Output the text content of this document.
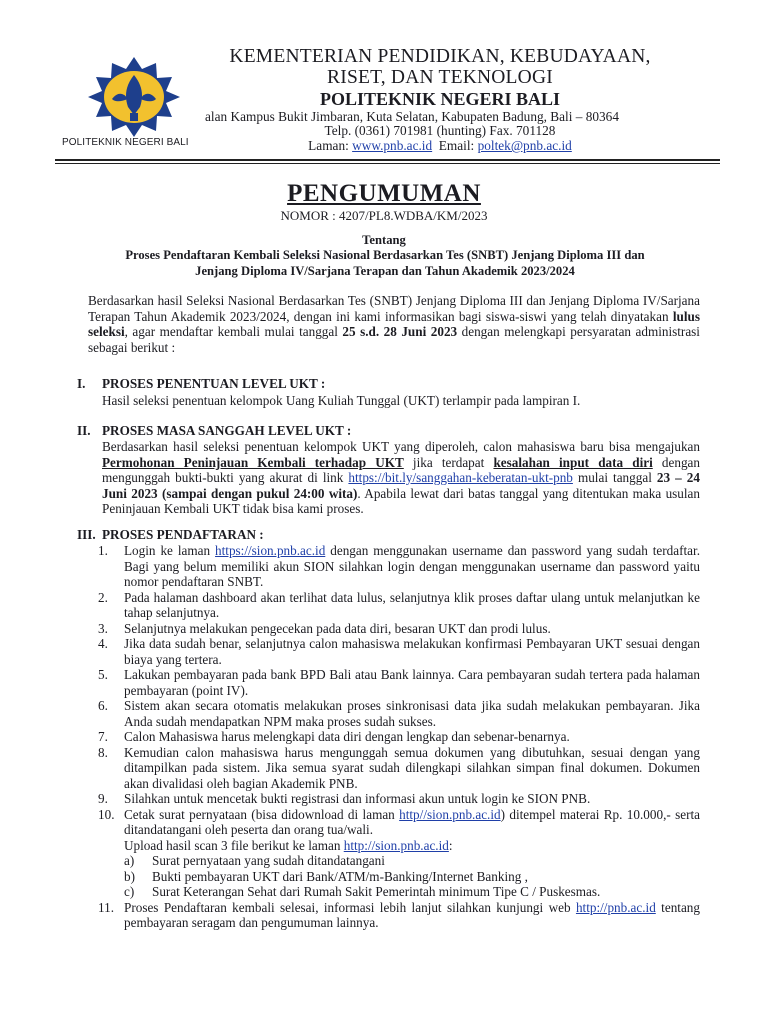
POLITEKNIK NEGERI BALI
KEMENTERIAN PENDIDIKAN, KEBUDAYAAN,
RISET, DAN TEKNOLOGI
POLITEKNIK NEGERI BALI
alan Kampus Bukit Jimbaran, Kuta Selatan, Kabupaten Badung, Bali – 80364
Telp. (0361) 701981 (hunting) Fax. 701128
Laman: www.pnb.ac.id Email: poltek@pnb.ac.id
PENGUMUMAN
NOMOR : 4207/PL8.WDBA/KM/2023
Tentang
Proses Pendaftaran Kembali Seleksi Nasional Berdasarkan Tes (SNBT) Jenjang Diploma III dan
Jenjang Diploma IV/Sarjana Terapan dan Tahun Akademik 2023/2024
Berdasarkan hasil Seleksi Nasional Berdasarkan Tes (SNBT) Jenjang Diploma III dan Jenjang Diploma IV/Sarjana Terapan Tahun Akademik 2023/2024, dengan ini kami informasikan bagi siswa-siswi yang telah dinyatakan lulus seleksi, agar mendaftar kembali mulai tanggal 25 s.d. 28 Juni 2023 dengan melengkapi persyaratan administrasi sebagai berikut :
I. PROSES PENENTUAN LEVEL UKT :
Hasil seleksi penentuan kelompok Uang Kuliah Tunggal (UKT) terlampir pada lampiran I.
II. PROSES MASA SANGGAH LEVEL UKT :
Berdasarkan hasil seleksi penentuan kelompok UKT yang diperoleh, calon mahasiswa baru bisa mengajukan Permohonan Peninjauan Kembali terhadap UKT jika terdapat kesalahan input data diri dengan mengunggah bukti-bukti yang akurat di link https://bit.ly/sanggahan-keberatan-ukt-pnb mulai tanggal 23 – 24 Juni 2023 (sampai dengan pukul 24:00 wita). Apabila lewat dari batas tanggal yang ditentukan maka usulan Peninjauan Kembali UKT tidak bisa kami proses.
III. PROSES PENDAFTARAN :
1.	Login ke laman https://sion.pnb.ac.id dengan menggunakan username dan password yang sudah terdaftar. Bagi yang belum memiliki akun SION silahkan login dengan menggunakan username dan password yaitu nomor pendaftaran SNBT.
2.	Pada halaman dashboard akan terlihat data lulus, selanjutnya klik proses daftar ulang untuk melanjutkan ke tahap selanjutnya.
3.	Selanjutnya melakukan pengecekan pada data diri, besaran UKT dan prodi lulus.
4.	Jika data sudah benar, selanjutnya calon mahasiswa melakukan konfirmasi Pembayaran UKT sesuai dengan biaya yang tertera.
5.	Lakukan pembayaran pada bank BPD Bali atau Bank lainnya. Cara pembayaran sudah tertera pada halaman pembayaran (point IV).
6.	Sistem akan secara otomatis melakukan proses sinkronisasi data jika sudah melakukan pembayaran. Jika Anda sudah mendapatkan NPM maka proses sudah sukses.
7.	Calon Mahasiswa harus melengkapi data diri dengan lengkap dan sebenar-benarnya.
8.	Kemudian calon mahasiswa harus mengunggah semua dokumen yang dibutuhkan, sesuai dengan yang ditampilkan pada sistem. Jika semua syarat sudah dilengkapi silahkan simpan final dokumen. Dokumen akan divalidasi oleh bagian Akademik PNB.
9.	Silahkan untuk mencetak bukti registrasi dan informasi akun untuk login ke SION PNB.
10. Cetak surat pernyataan (bisa didownload di laman http//sion.pnb.ac.id) ditempel materai Rp. 10.000,- serta ditandatangani oleh peserta dan orang tua/wali.
Upload hasil scan 3 file berikut ke laman http://sion.pnb.ac.id:
a) Surat pernyataan yang sudah ditandatangani
b) Bukti pembayaran UKT dari Bank/ATM/m-Banking/Internet Banking ,
c) Surat Keterangan Sehat dari Rumah Sakit Pemerintah minimum Tipe C / Puskesmas.
11. Proses Pendaftaran kembali selesai, informasi lebih lanjut silahkan kunjungi web http://pnb.ac.id tentang pembayaran seragam dan pengumuman lainnya.
